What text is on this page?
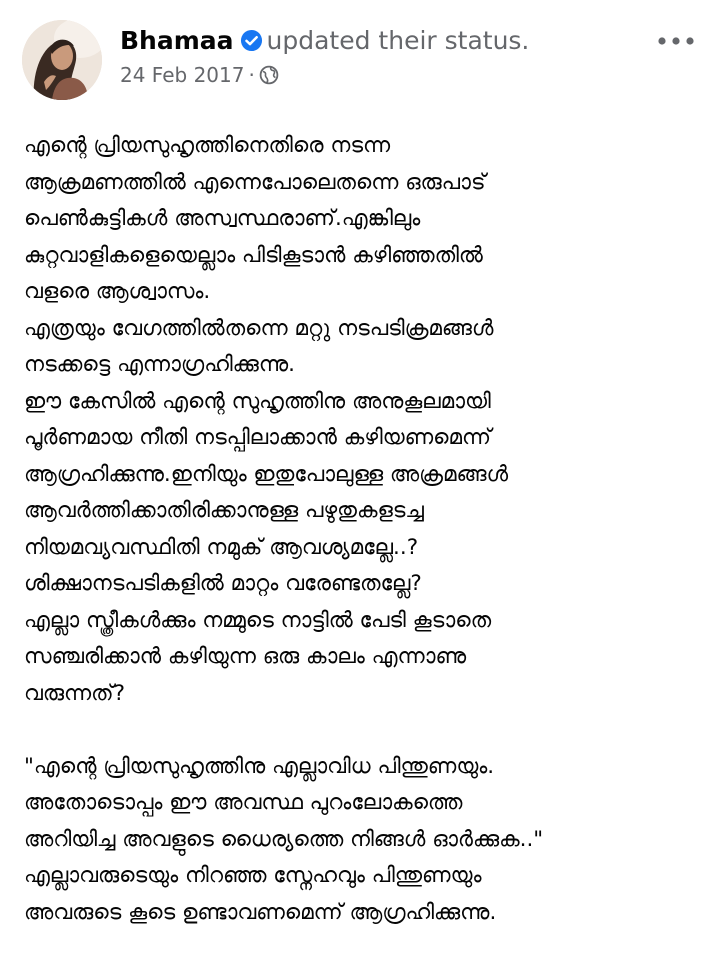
Bhamaa updated their status.
24 Feb 2017 ·

എന്റെ പ്രിയസുഹൃത്തിനെതിരെ നടന്ന
ആക്രമണത്തിൽ എന്നെപോലെതന്നെ ഒരുപാട്
പെൺകുട്ടികൾ അസ്വസ്ഥരാണ്.എങ്കിലും
കുറ്റവാളികളെയെല്ലാം പിടികൂടാൻ കഴിഞ്ഞതിൽ
വളരെ ആശ്വാസം.
എത്രയും വേഗത്തിൽതന്നെ മറ്റു നടപടിക്രമങ്ങൾ
നടക്കട്ടെ എന്നാഗ്രഹിക്കുന്നു.
ഈ കേസിൽ എന്റെ സുഹൃത്തിനു അനുകൂലമായി
പൂർണമായ നീതി നടപ്പിലാക്കാൻ കഴിയണമെന്ന്
ആഗ്രഹിക്കുന്നു.ഇനിയും ഇതുപോലുള്ള അക്രമങ്ങൾ
ആവർത്തിക്കാതിരിക്കാനുള്ള പഴുതുകളടച്ച
നിയമവ്യവസ്ഥിതി നമുക് ആവശ്യമല്ലേ..?
ശിക്ഷാനടപടികളിൽ മാറ്റം വരേണ്ടതല്ലേ?
എല്ലാ സ്ത്രീകൾക്കും നമ്മുടെ നാട്ടിൽ പേടി കൂടാതെ
സഞ്ചരിക്കാൻ കഴിയുന്ന ഒരു കാലം എന്നാണു
വരുന്നത്?

"എന്റെ പ്രിയസുഹൃത്തിനു എല്ലാവിധ പിന്തുണയും.
അതോടൊപ്പം ഈ അവസ്ഥ പുറംലോകത്തെ
അറിയിച്ച അവളുടെ ധൈര്യത്തെ നിങ്ങൾ ഓർക്കുക.."
എല്ലാവരുടെയും നിറഞ്ഞ സ്നേഹവും പിന്തുണയും
അവരുടെ കൂടെ ഉണ്ടാവണമെന്ന് ആഗ്രഹിക്കുന്നു.
